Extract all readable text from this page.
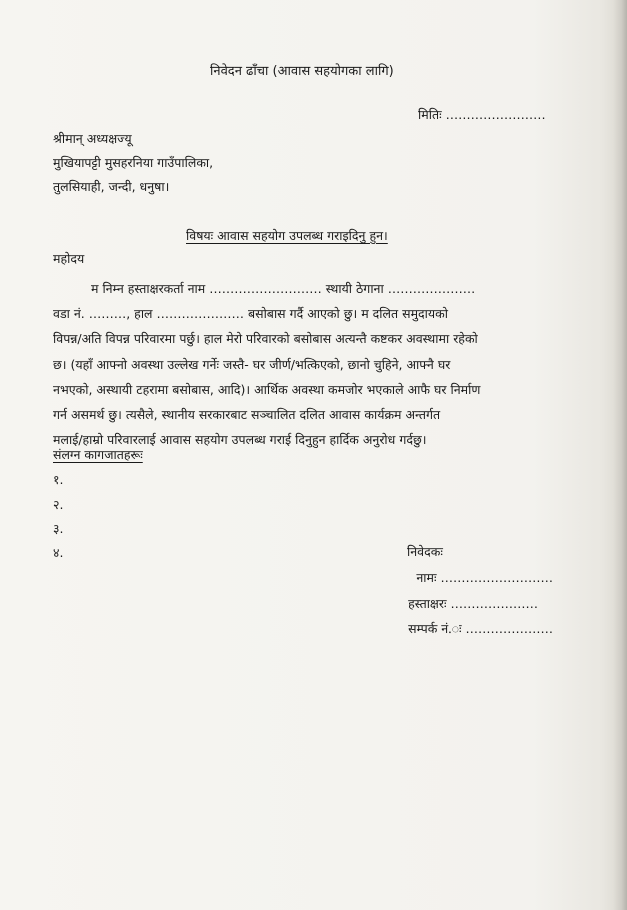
निवेदन ढाँचा (आवास सहयोगका लागि)
मितिः ……………………
श्रीमान् अध्यक्षज्यू
मुखियापट्टी मुसहरनिया गाउँपालिका,
तुलसियाही, जन्दी, धनुषा।
विषयः आवास सहयोग उपलब्ध गराइदिनु हुन।
महोदय

म निम्न हस्ताक्षरकर्ता नाम ……………………… स्थायी ठेगाना …………………

वडा नं. ………, हाल ………………… बसोबास गर्दै आएको छु। म दलित समुदायको

विपन्न/अति विपन्न परिवारमा पर्छु। हाल मेरो परिवारको बसोबास अत्यन्तै कष्टकर अवस्थामा रहेको

छ। (यहाँ आफ्नो अवस्था उल्लेख गर्नेः जस्तै- घर जीर्ण/भत्किएको, छानो चुहिने, आफ्नै घर

नभएको, अस्थायी टहरामा बसोबास, आदि)। आर्थिक अवस्था कमजोर भएकाले आफै घर निर्माण

गर्न असमर्थ छु। त्यसैले, स्थानीय सरकारबाट सञ्चालित दलित आवास कार्यक्रम अन्तर्गत

मलाई/हाम्रो परिवारलाई आवास सहयोग उपलब्ध गराई दिनुहुन हार्दिक अनुरोध गर्दछु।

संलग्न कागजातहरूः
१.
२.
३.
४.	निवेदकः
नामः ………………………
हस्ताक्षरः …………………
सम्पर्क नं.ः …………………
